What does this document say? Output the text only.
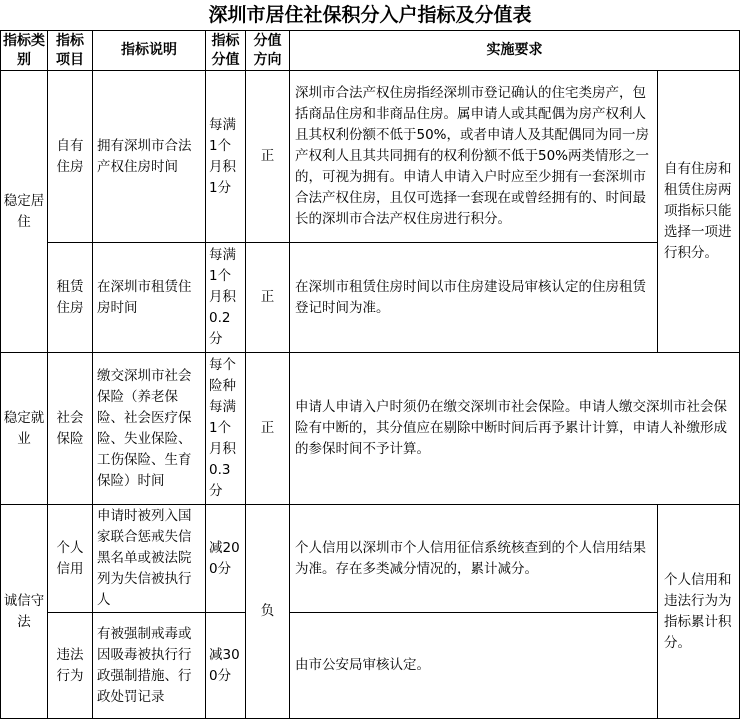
深圳市居住社保积分入户指标及分值表
指标类别	指标项目	指标说明	指标分值	分值方向	实施要求	
稳定居住	自有住房	拥有深圳市合法产权住房时间	每满1个月积1分	正	深圳市合法产权住房指经深圳市登记确认的住宅类房产，包括商品住房和非商品住房。属申请人或其配偶为房产权利人且其权利份额不低于50%，或者申请人及其配偶同为同一房产权利人且其共同拥有的权利份额不低于50%两类情形之一的，可视为拥有。申请人申请入户时应至少拥有一套深圳市合法产权住房，且仅可选择一套现在或曾经拥有的、时间最长的深圳市合法产权住房进行积分。	自有住房和租赁住房两项指标只能选择一项进行积分。
	租赁住房	在深圳市租赁住房时间	每满1个月积0.2分	正	在深圳市租赁住房时间以市住房建设局审核认定的住房租赁登记时间为准。	
稳定就业	社会保险	缴交深圳市社会保险（养老保险、社会医疗保险、失业保险、工伤保险、生育保险）时间	每个险种每满1个月积0.3分	正	申请人申请入户时须仍在缴交深圳市社会保险。申请人缴交深圳市社会保险有中断的，其分值应在剔除中断时间后再予累计计算，申请人补缴形成的参保时间不予计算。	
诚信守法	个人信用	申请时被列入国家联合惩戒失信黑名单或被法院列为失信被执行人	减200分	负	个人信用以深圳市个人信用征信系统核查到的个人信用结果为准。存在多类减分情况的，累计减分。	个人信用和违法行为为指标累计积分。
	违法行为	有被强制戒毒或因吸毒被执行行政强制措施、行政处罚记录	减300分		由市公安局审核认定。	
